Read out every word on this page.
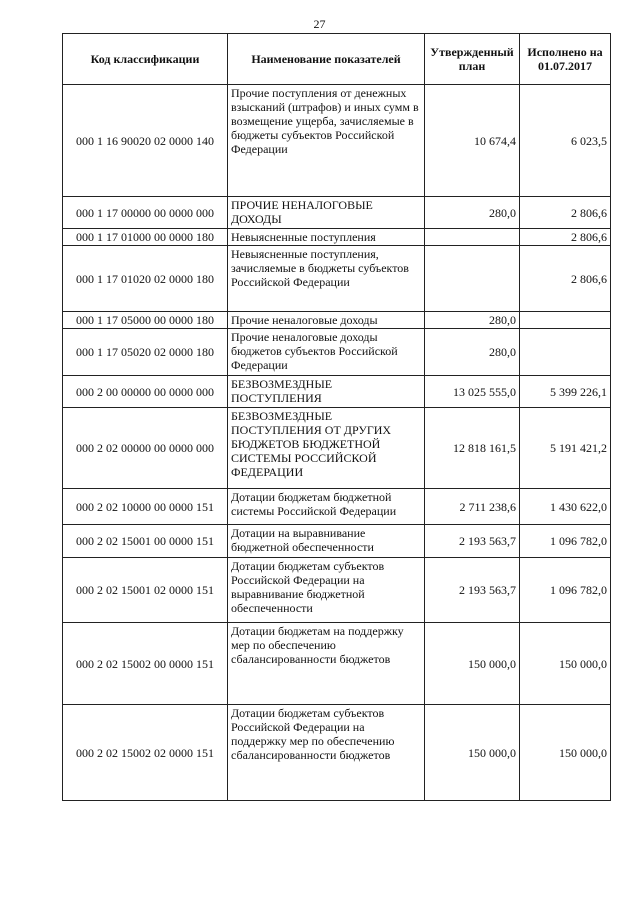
27
Код классификации	Наименование показателей	Утвержденный план	Исполнено на 01.07.2017
000 1 16 90020 02 0000 140	Прочие поступления от денежных взысканий (штрафов) и иных сумм в возмещение ущерба, зачисляемые в бюджеты субъектов Российской Федерации	10 674,4	6 023,5
000 1 17 00000 00 0000 000	ПРОЧИЕ НЕНАЛОГОВЫЕ ДОХОДЫ	280,0	2 806,6
000 1 17 01000 00 0000 180	Невыясненные поступления		2 806,6
000 1 17 01020 02 0000 180	Невыясненные поступления, зачисляемые в бюджеты субъектов Российской Федерации		2 806,6
000 1 17 05000 00 0000 180	Прочие неналоговые доходы	280,0	
000 1 17 05020 02 0000 180	Прочие неналоговые доходы бюджетов субъектов Российской Федерации	280,0	
000 2 00 00000 00 0000 000	БЕЗВОЗМЕЗДНЫЕ ПОСТУПЛЕНИЯ	13 025 555,0	5 399 226,1
000 2 02 00000 00 0000 000	БЕЗВОЗМЕЗДНЫЕ ПОСТУПЛЕНИЯ ОТ ДРУГИХ БЮДЖЕТОВ БЮДЖЕТНОЙ СИСТЕМЫ РОССИЙСКОЙ ФЕДЕРАЦИИ	12 818 161,5	5 191 421,2
000 2 02 10000 00 0000 151	Дотации бюджетам бюджетной системы Российской Федерации	2 711 238,6	1 430 622,0
000 2 02 15001 00 0000 151	Дотации на выравнивание бюджетной обеспеченности	2 193 563,7	1 096 782,0
000 2 02 15001 02 0000 151	Дотации бюджетам субъектов Российской Федерации на выравнивание бюджетной обеспеченности	2 193 563,7	1 096 782,0
000 2 02 15002 00 0000 151	Дотации бюджетам на поддержку мер по обеспечению сбалансированности бюджетов	150 000,0	150 000,0
000 2 02 15002 02 0000 151	Дотации бюджетам субъектов Российской Федерации на поддержку мер по обеспечению сбалансированности бюджетов	150 000,0	150 000,0
